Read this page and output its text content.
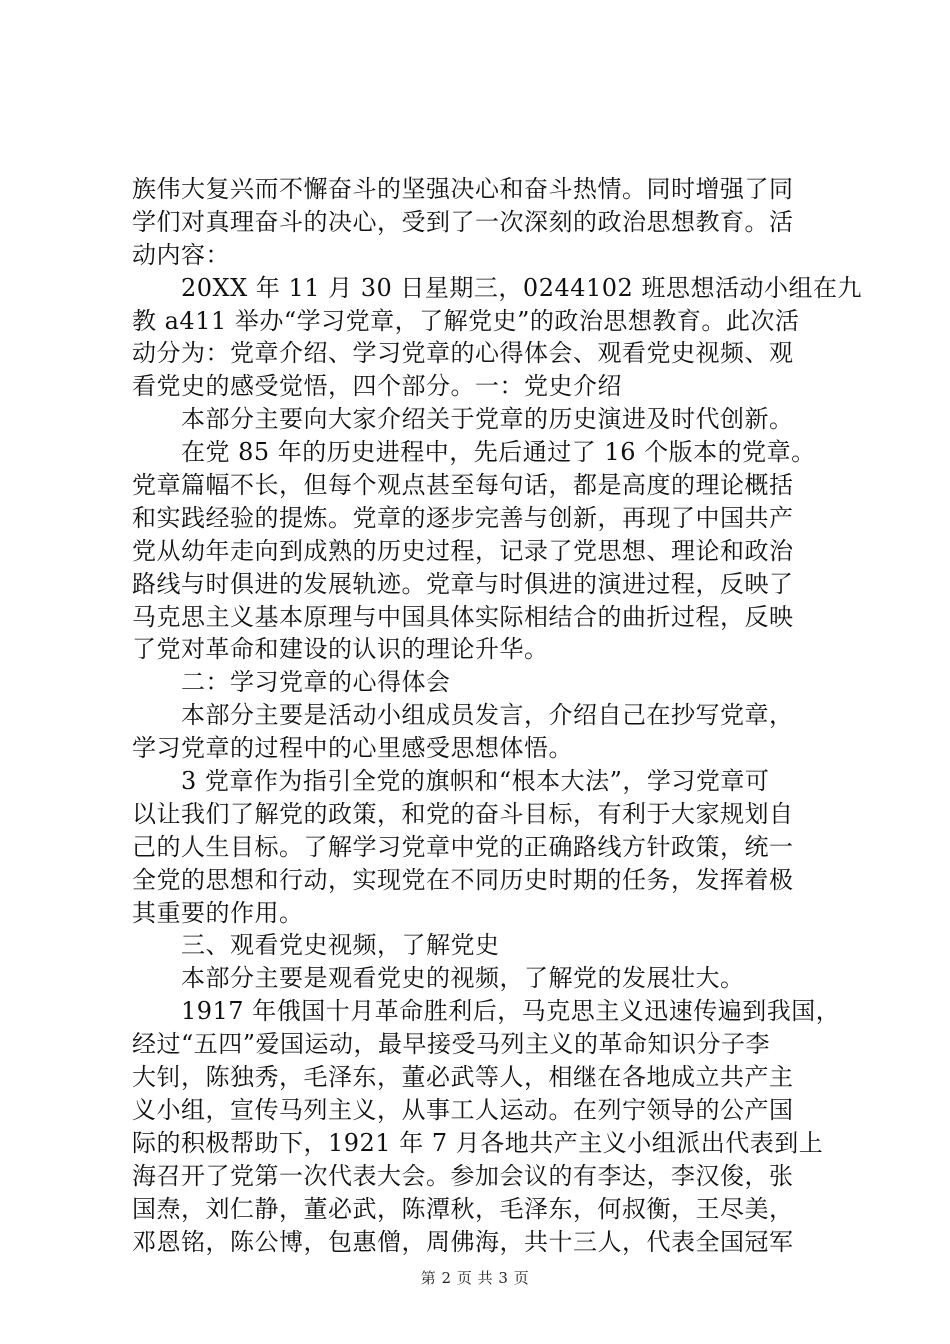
族伟大复兴而不懈奋斗的坚强决心和奋斗热情。同时增强了同
学们对真理奋斗的决心，受到了一次深刻的政治思想教育。活
动内容：
　　20XX 年 11 月 30 日星期三，0244102 班思想活动小组在九
教 a411 举办“学习党章，了解党史”的政治思想教育。此次活
动分为：党章介绍、学习党章的心得体会、观看党史视频、观
看党史的感受觉悟，四个部分。一：党史介绍
　　本部分主要向大家介绍关于党章的历史演进及时代创新。
　　在党 85 年的历史进程中，先后通过了 16 个版本的党章。
党章篇幅不长，但每个观点甚至每句话，都是高度的理论概括
和实践经验的提炼。党章的逐步完善与创新，再现了中国共产
党从幼年走向到成熟的历史过程，记录了党思想、理论和政治
路线与时俱进的发展轨迹。党章与时俱进的演进过程，反映了
马克思主义基本原理与中国具体实际相结合的曲折过程，反映
了党对革命和建设的认识的理论升华。
　　二：学习党章的心得体会
　　本部分主要是活动小组成员发言，介绍自己在抄写党章，
学习党章的过程中的心里感受思想体悟。
　　3 党章作为指引全党的旗帜和“根本大法”，学习党章可
以让我们了解党的政策，和党的奋斗目标，有利于大家规划自
己的人生目标。了解学习党章中党的正确路线方针政策，统一
全党的思想和行动，实现党在不同历史时期的任务，发挥着极
其重要的作用。
　　三、观看党史视频，了解党史
　　本部分主要是观看党史的视频，了解党的发展壮大。
　　1917 年俄国十月革命胜利后，马克思主义迅速传遍到我国，
经过“五四”爱国运动，最早接受马列主义的革命知识分子李
大钊，陈独秀，毛泽东，董必武等人，相继在各地成立共产主
义小组，宣传马列主义，从事工人运动。在列宁领导的公产国
际的积极帮助下，1921 年 7 月各地共产主义小组派出代表到上
海召开了党第一次代表大会。参加会议的有李达，李汉俊，张
国焘，刘仁静，董必武，陈潭秋，毛泽东，何叔衡，王尽美，
邓恩铭，陈公博，包惠僧，周佛海，共十三人，代表全国冠军
第 2 页 共 3 页
